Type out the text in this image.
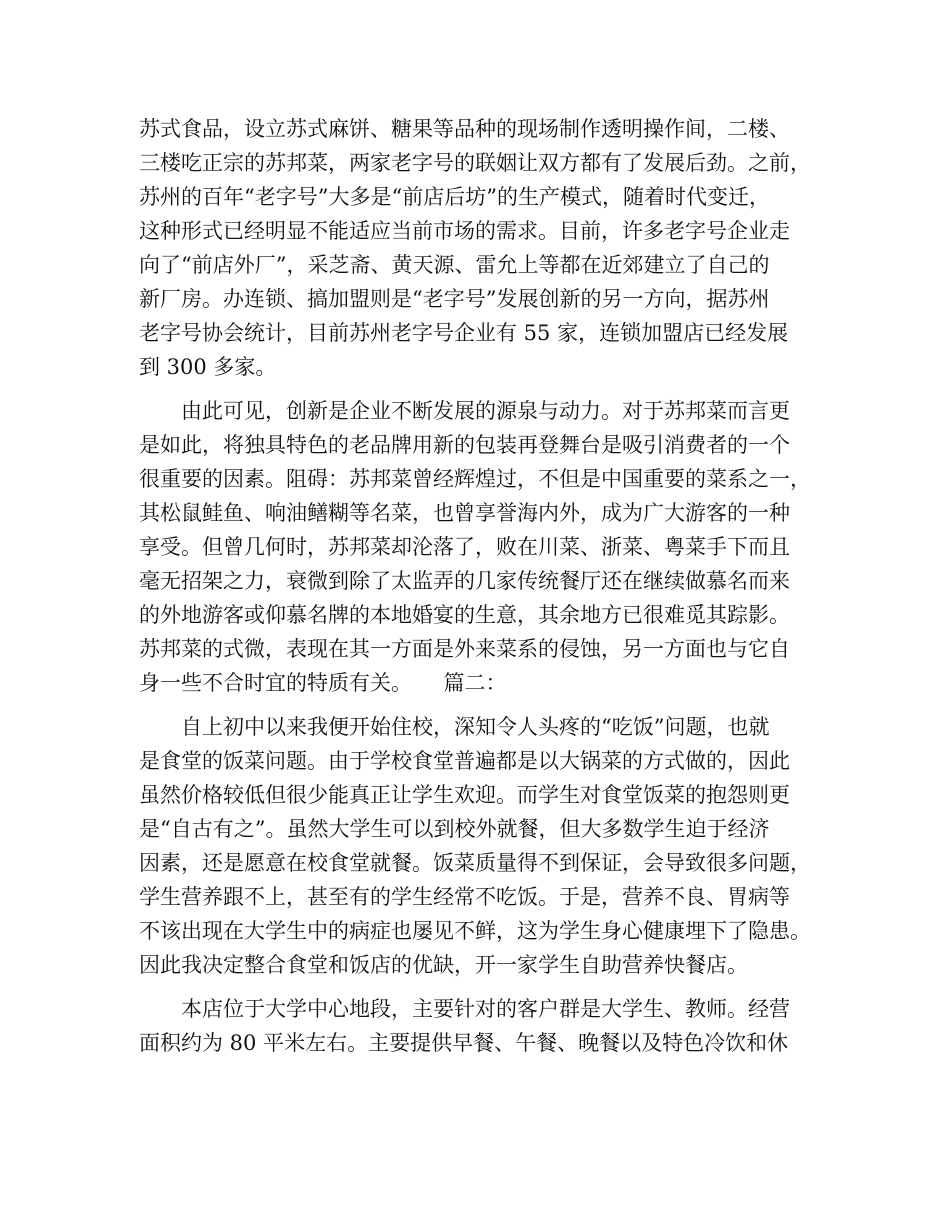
苏式食品，设立苏式麻饼、糖果等品种的现场制作透明操作间，二楼、
三楼吃正宗的苏邦菜，两家老字号的联姻让双方都有了发展后劲。之前，
苏州的百年“老字号”大多是“前店后坊”的生产模式，随着时代变迁，
这种形式已经明显不能适应当前市场的需求。目前，许多老字号企业走
向了“前店外厂”，采芝斋、黄天源、雷允上等都在近郊建立了自己的
新厂房。办连锁、搞加盟则是“老字号”发展创新的另一方向，据苏州
老字号协会统计，目前苏州老字号企业有 55 家，连锁加盟店已经发展
到 300 多家。
　　由此可见，创新是企业不断发展的源泉与动力。对于苏邦菜而言更
是如此，将独具特色的老品牌用新的包装再登舞台是吸引消费者的一个
很重要的因素。阻碍：苏邦菜曾经辉煌过，不但是中国重要的菜系之一，
其松鼠鲑鱼、响油鳝糊等名菜，也曾享誉海内外，成为广大游客的一种
享受。但曾几何时，苏邦菜却沦落了，败在川菜、浙菜、粤菜手下而且
毫无招架之力，衰微到除了太监弄的几家传统餐厅还在继续做慕名而来
的外地游客或仰慕名牌的本地婚宴的生意，其余地方已很难觅其踪影。
苏邦菜的式微，表现在其一方面是外来菜系的侵蚀，另一方面也与它自
身一些不合时宜的特质有关。　　篇二：
　　自上初中以来我便开始住校，深知令人头疼的“吃饭”问题，也就
是食堂的饭菜问题。由于学校食堂普遍都是以大锅菜的方式做的，因此
虽然价格较低但很少能真正让学生欢迎。而学生对食堂饭菜的抱怨则更
是“自古有之”。虽然大学生可以到校外就餐，但大多数学生迫于经济
因素，还是愿意在校食堂就餐。饭菜质量得不到保证，会导致很多问题，
学生营养跟不上，甚至有的学生经常不吃饭。于是，营养不良、胃病等
不该出现在大学生中的病症也屡见不鲜，这为学生身心健康埋下了隐患。
因此我决定整合食堂和饭店的优缺，开一家学生自助营养快餐店。
　　本店位于大学中心地段，主要针对的客户群是大学生、教师。经营
面积约为 80 平米左右。主要提供早餐、午餐、晚餐以及特色冷饮和休
